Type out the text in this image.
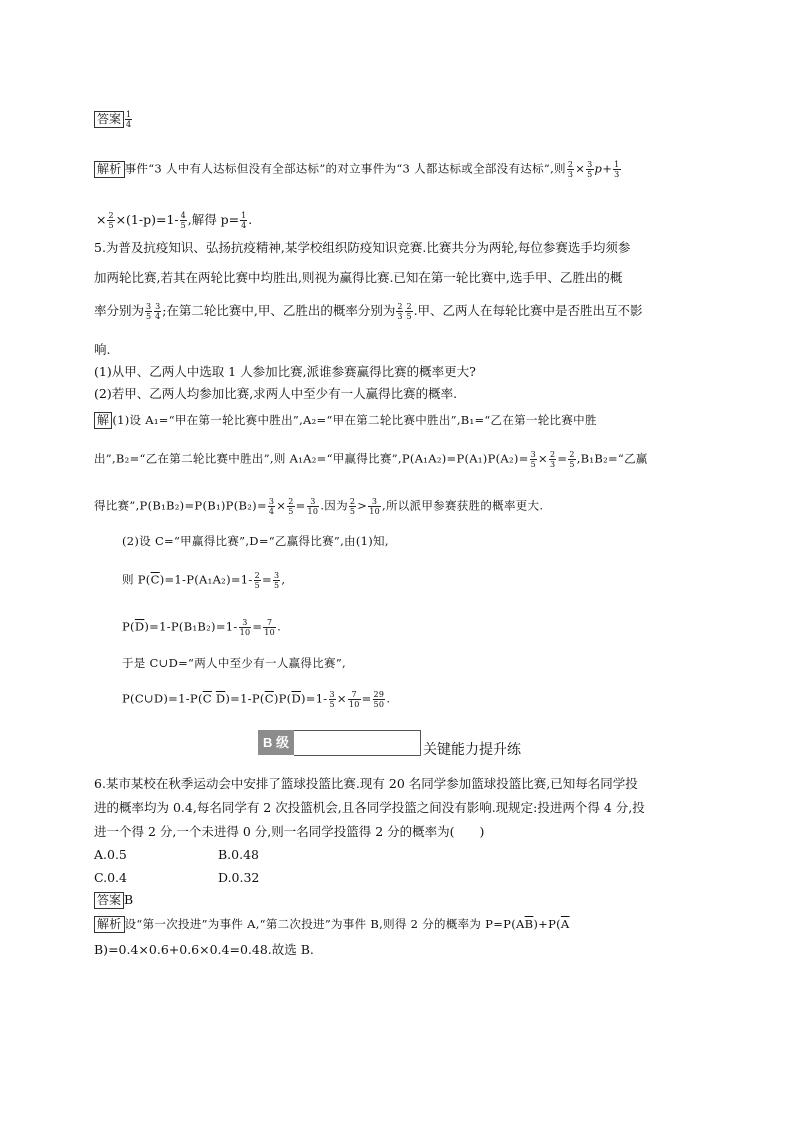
答案 $\frac{1}{4}$
解析 事件“3 人中有人达标但没有全部达标”的对立事件为“3 人都达标或全部没有达标”,则 $\frac{2}{3} \times \frac{3}{5} p+ \frac{1}{3}$
× $\frac{2}{5} \times(1-p)=1- \frac{4}{5}$ ,解得 $p= \frac{1}{4}$ .
5.为普及抗疫知识、弘扬抗疫精神,某学校组织防疫知识竞赛.比赛共分为两轮,每位参赛选手均须参
加两轮比赛,若其在两轮比赛中均胜出,则视为赢得比赛.已知在第一轮比赛中,选手甲、乙胜出的概
率分别为 $\frac{3}{5} \frac{3}{4}$ ;在第二轮比赛中,甲、乙胜出的概率分别为 $\frac{2}{3} \frac{2}{5}$ .甲、乙两人在每轮比赛中是否胜出互不影
响.
(1)从甲、乙两人中选取 1 人参加比赛,派谁参赛赢得比赛的概率更大?
(2)若甲、乙两人均参加比赛,求两人中至少有一人赢得比赛的概率.
解 (1)设 A₁=“甲在第一轮比赛中胜出”,A₂=“甲在第二轮比赛中胜出”,B₁=“乙在第一轮比赛中胜
出”,B₂=“乙在第二轮比赛中胜出”,则 A₁A₂=“甲赢得比赛”,P(A₁A₂)=P(A₁)P(A₂)= $\frac{3}{5} \times \frac{2}{3} = \frac{2}{5}$ ,B₁B₂=“乙赢
得比赛”,P(B₁B₂)=P(B₁)P(B₂)= $\frac{3}{4} \times \frac{2}{5} = \frac{3}{10}$ .因为 $\frac{2}{5} > \frac{3}{10}$ ,所以派甲参赛获胜的概率更大.
(2)设 C=“甲赢得比赛”,D=“乙赢得比赛”,由(1)知,
则 $P(\overline{C})=1-P(A_1A_2)=1- \frac{2}{5} = \frac{3}{5}$ ,
$P(\overline{D})=1-P(B_1B_2)=1- \frac{3}{10} = \frac{7}{10}$ .
于是 C∪D=“两人中至少有一人赢得比赛”,
$P(C\cup D)=1-P(\overline{C}$ $\overline{D})=1-P(\overline{C})P(\overline{D})=1- \frac{3}{5} \times \frac{7}{10} = \frac{29}{50}$ .
B 级	关键能力提升练
6.某市某校在秋季运动会中安排了篮球投篮比赛.现有 20 名同学参加篮球投篮比赛,已知每名同学投
进的概率均为 0.4,每名同学有 2 次投篮机会,且各同学投篮之间没有影响.现规定:投进两个得 4 分,投
进一个得 2 分,一个未进得 0 分,则一名同学投篮得 2 分的概率为(　　)
A.0.5	B.0.48
C.0.4	D.0.32
答案 B
解析 设“第一次投进”为事件 A,“第二次投进”为事件 B,则得 2 分的概率为 $P=P(A\overline{B})+P(\overline{A}$
B)=0.4×0.6+0.6×0.4=0.48.故选 B.
